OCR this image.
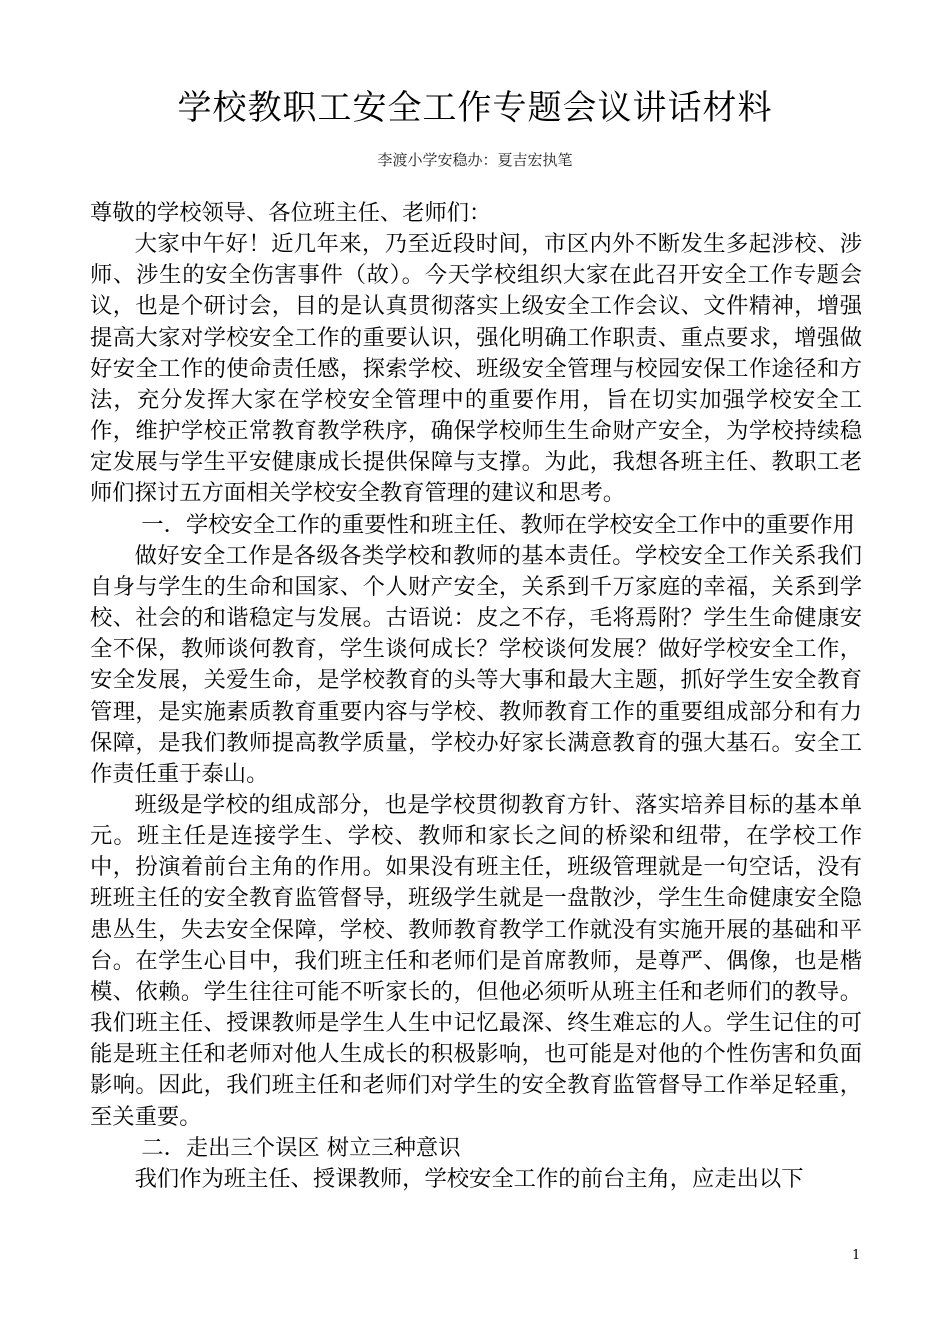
学校教职工安全工作专题会议讲话材料
李渡小学安稳办：夏吉宏执笔

尊敬的学校领导、各位班主任、老师们：

大家中午好！近几年来，乃至近段时间，市区内外不断发生多起涉校、涉师、涉生的安全伤害事件（故）。今天学校组织大家在此召开安全工作专题会议，也是个研讨会，目的是认真贯彻落实上级安全工作会议、文件精神，增强提高大家对学校安全工作的重要认识，强化明确工作职责、重点要求，增强做好安全工作的使命责任感，探索学校、班级安全管理与校园安保工作途径和方法，充分发挥大家在学校安全管理中的重要作用，旨在切实加强学校安全工作，维护学校正常教育教学秩序，确保学校师生生命财产安全，为学校持续稳定发展与学生平安健康成长提供保障与支撑。为此，我想各班主任、教职工老师们探讨五方面相关学校安全教育管理的建议和思考。

一．学校安全工作的重要性和班主任、教师在学校安全工作中的重要作用

做好安全工作是各级各类学校和教师的基本责任。学校安全工作关系我们自身与学生的生命和国家、个人财产安全，关系到千万家庭的幸福，关系到学校、社会的和谐稳定与发展。古语说：皮之不存，毛将焉附？学生生命健康安全不保，教师谈何教育，学生谈何成长？学校谈何发展？做好学校安全工作，安全发展，关爱生命，是学校教育的头等大事和最大主题，抓好学生安全教育管理，是实施素质教育重要内容与学校、教师教育工作的重要组成部分和有力保障，是我们教师提高教学质量，学校办好家长满意教育的强大基石。安全工作责任重于泰山。

班级是学校的组成部分，也是学校贯彻教育方针、落实培养目标的基本单元。班主任是连接学生、学校、教师和家长之间的桥梁和纽带，在学校工作中，扮演着前台主角的作用。如果没有班主任，班级管理就是一句空话，没有班班主任的安全教育监管督导，班级学生就是一盘散沙，学生生命健康安全隐患丛生，失去安全保障，学校、教师教育教学工作就没有实施开展的基础和平台。在学生心目中，我们班主任和老师们是首席教师，是尊严、偶像，也是楷模、依赖。学生往往可能不听家长的，但他必须听从班主任和老师们的教导。我们班主任、授课教师是学生人生中记忆最深、终生难忘的人。学生记住的可能是班主任和老师对他人生成长的积极影响，也可能是对他的个性伤害和负面影响。因此，我们班主任和老师们对学生的安全教育监管督导工作举足轻重，至关重要。

二．走出三个误区 树立三种意识

我们作为班主任、授课教师，学校安全工作的前台主角，应走出以下

1
